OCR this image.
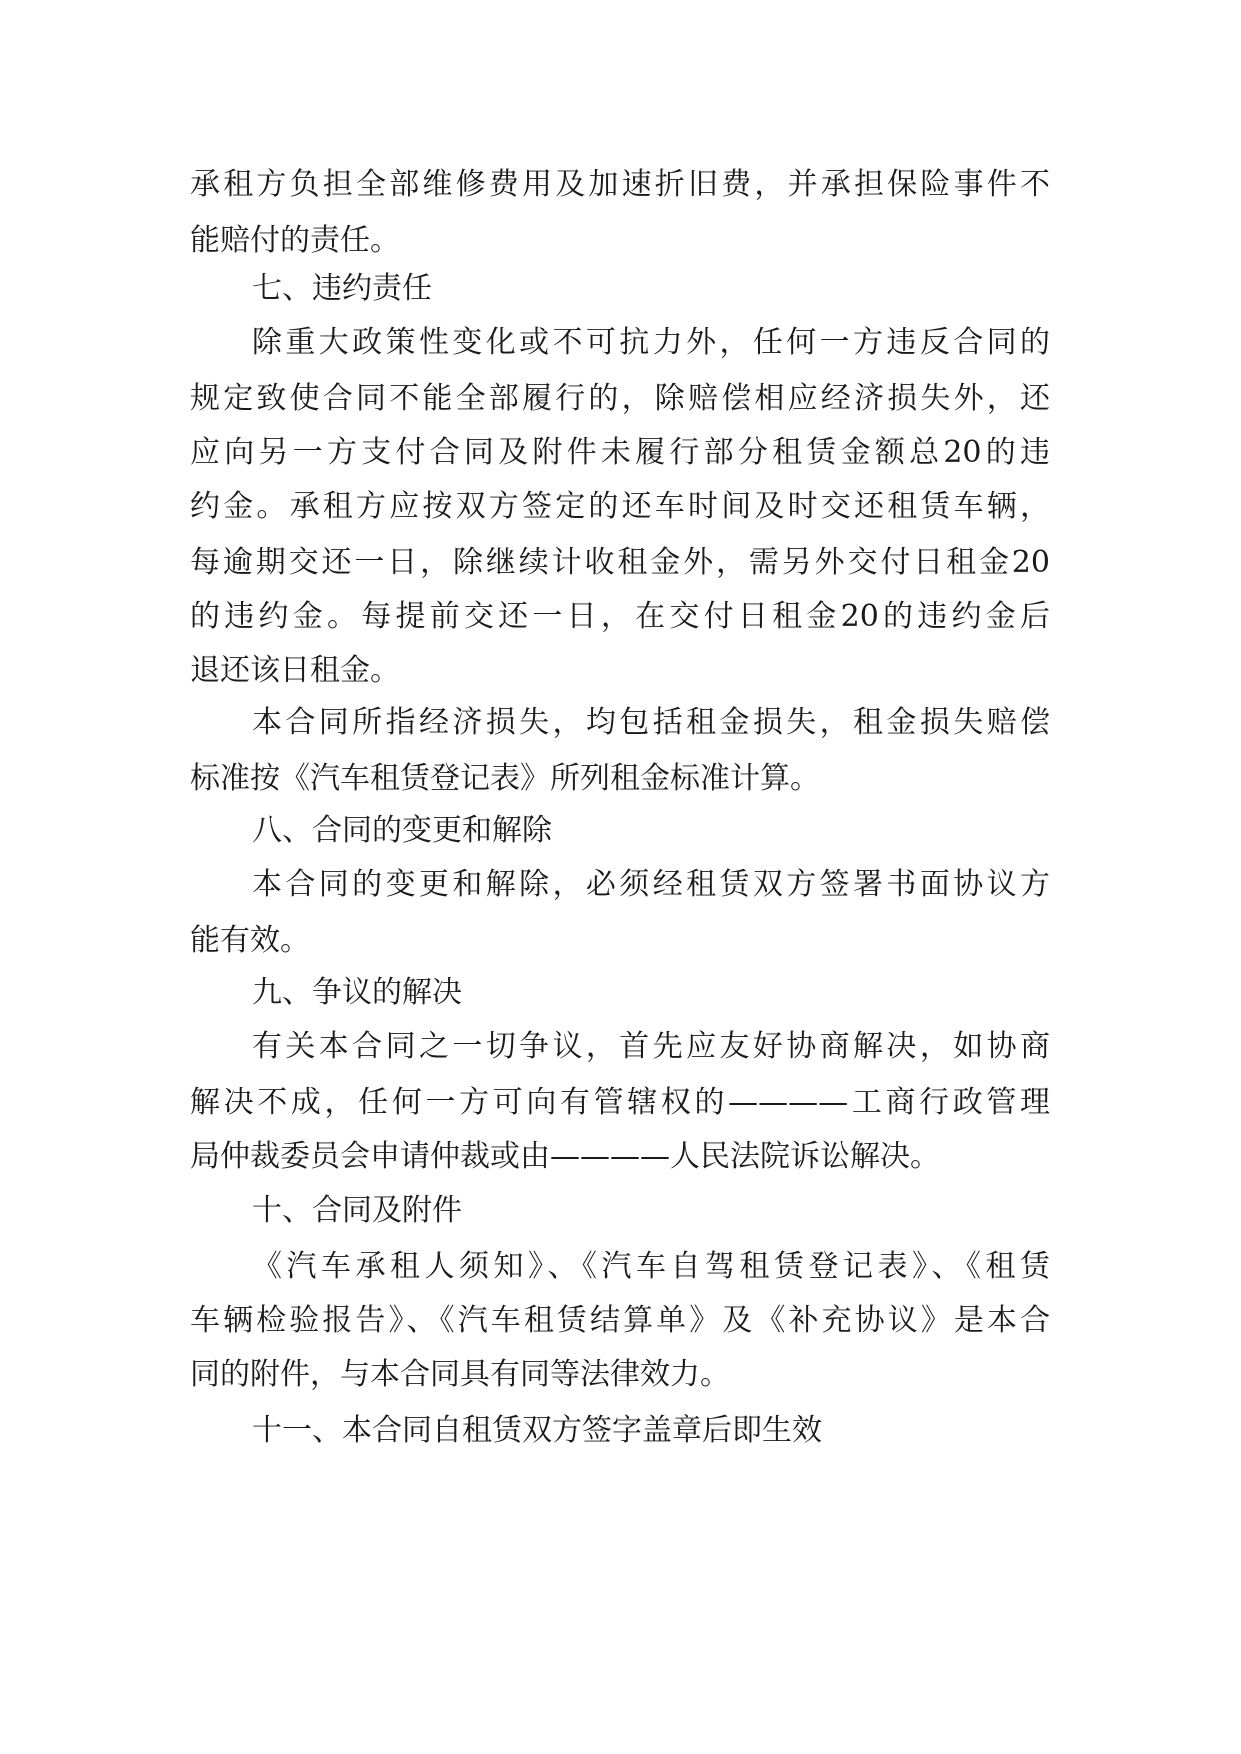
承租方负担全部维修费用及加速折旧费，并承担保险事件不
能赔付的责任。
七、违约责任
除重大政策性变化或不可抗力外，任何一方违反合同的
规定致使合同不能全部履行的，除赔偿相应经济损失外，还
应向另一方支付合同及附件未履行部分租赁金额总20的违
约金。承租方应按双方签定的还车时间及时交还租赁车辆，
每逾期交还一日，除继续计收租金外，需另外交付日租金20
的违约金。每提前交还一日，在交付日租金20的违约金后
退还该日租金。
本合同所指经济损失，均包括租金损失，租金损失赔偿
标准按《汽车租赁登记表》所列租金标准计算。
八、合同的变更和解除
本合同的变更和解除，必须经租赁双方签署书面协议方
能有效。
九、争议的解决
有关本合同之一切争议，首先应友好协商解决，如协商
解决不成，任何一方可向有管辖权的————工商行政管理
局仲裁委员会申请仲裁或由————人民法院诉讼解决。
十、合同及附件
《汽车承租人须知》、《汽车自驾租赁登记表》、《租赁
车辆检验报告》、《汽车租赁结算单》及《补充协议》是本合
同的附件，与本合同具有同等法律效力。
十一、本合同自租赁双方签字盖章后即生效
